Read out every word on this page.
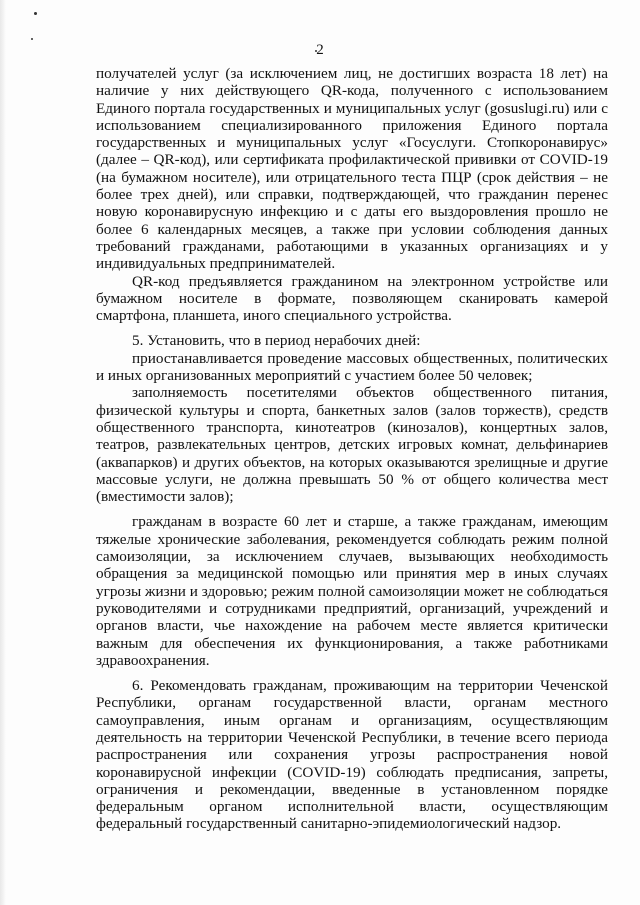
2

получателей услуг (за исключением лиц, не достигших возраста 18 лет) на наличие у них действующего QR-кода, полученного с использованием Единого портала государственных и муниципальных услуг (gosuslugi.ru) или с использованием специализированного приложения Единого портала государственных и муниципальных услуг «Госуслуги. Стопкоронавирус» (далее – QR-код), или сертификата профилактической прививки от COVID-19 (на бумажном носителе), или отрицательного теста ПЦР (срок действия – не более трех дней), или справки, подтверждающей, что гражданин перенес новую коронавирусную инфекцию и с даты его выздоровления прошло не более 6 календарных месяцев, а также при условии соблюдения данных требований гражданами, работающими в указанных организациях и у индивидуальных предпринимателей.

QR-код предъявляется гражданином на электронном устройстве или бумажном носителе в формате, позволяющем сканировать камерой смартфона, планшета, иного специального устройства.

5. Установить, что в период нерабочих дней:

приостанавливается проведение массовых общественных, политических и иных организованных мероприятий с участием более 50 человек;

заполняемость посетителями объектов общественного питания, физической культуры и спорта, банкетных залов (залов торжеств), средств общественного транспорта, кинотеатров (кинозалов), концертных залов, театров, развлекательных центров, детских игровых комнат, дельфинариев (аквапарков) и других объектов, на которых оказываются зрелищные и другие массовые услуги, не должна превышать 50 % от общего количества мест (вместимости залов);

гражданам в возрасте 60 лет и старше, а также гражданам, имеющим тяжелые хронические заболевания, рекомендуется соблюдать режим полной самоизоляции, за исключением случаев, вызывающих необходимость обращения за медицинской помощью или принятия мер в иных случаях угрозы жизни и здоровью; режим полной самоизоляции может не соблюдаться руководителями и сотрудниками предприятий, организаций, учреждений и органов власти, чье нахождение на рабочем месте является критически важным для обеспечения их функционирования, а также работниками здравоохранения.

6. Рекомендовать гражданам, проживающим на территории Чеченской Республики, органам государственной власти, органам местного самоуправления, иным органам и организациям, осуществляющим деятельность на территории Чеченской Республики, в течение всего периода распространения или сохранения угрозы распространения новой коронавирусной инфекции (COVID-19) соблюдать предписания, запреты, ограничения и рекомендации, введенные в установленном порядке федеральным органом исполнительной власти, осуществляющим федеральный государственный санитарно-эпидемиологический надзор.
